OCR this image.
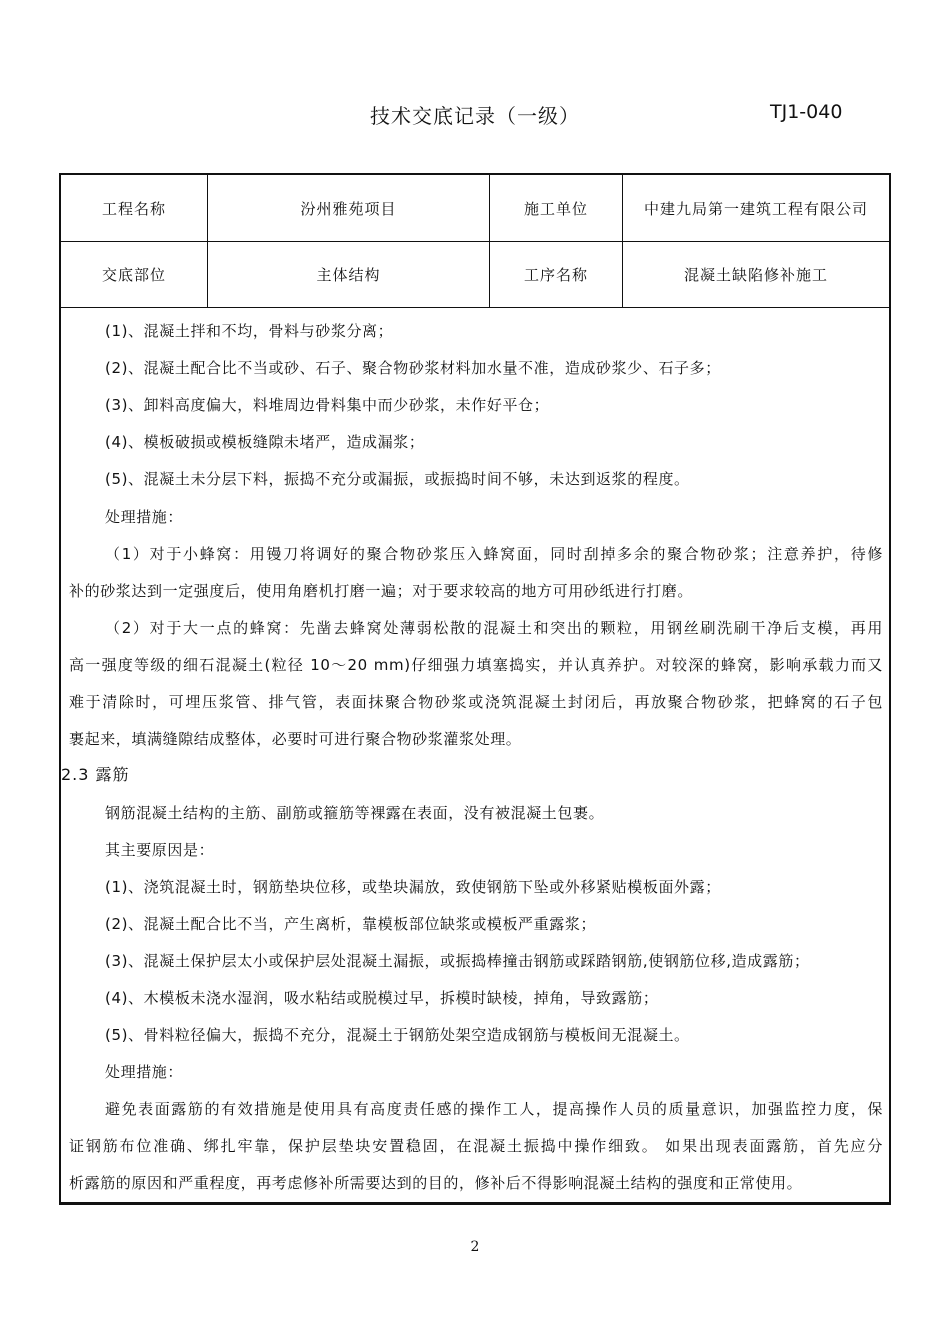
技术交底记录（一级）	TJ1-040
工程名称	汾州雅苑项目	施工单位	中建九局第一建筑工程有限公司
交底部位	主体结构	工序名称	混凝土缺陷修补施工
(1)、混凝土拌和不均，骨料与砂浆分离；
(2)、混凝土配合比不当或砂、石子、聚合物砂浆材料加水量不准，造成砂浆少、石子多；
(3)、卸料高度偏大，料堆周边骨料集中而少砂浆，未作好平仓；
(4)、模板破损或模板缝隙未堵严，造成漏浆；
(5)、混凝土未分层下料，振捣不充分或漏振，或振捣时间不够，未达到返浆的程度。
处理措施：
（1）对于小蜂窝：用镘刀将调好的聚合物砂浆压入蜂窝面，同时刮掉多余的聚合物砂浆；注意养护，待修
补的砂浆达到一定强度后，使用角磨机打磨一遍；对于要求较高的地方可用砂纸进行打磨。
（2）对于大一点的蜂窝：先凿去蜂窝处薄弱松散的混凝土和突出的颗粒，用钢丝刷洗刷干净后支模，再用
高一强度等级的细石混凝土(粒径 10～20 mm)仔细强力填塞捣实，并认真养护。对较深的蜂窝，影响承载力而又
难于清除时，可埋压浆管、排气管，表面抹聚合物砂浆或浇筑混凝土封闭后，再放聚合物砂浆，把蜂窝的石子包
裹起来，填满缝隙结成整体，必要时可进行聚合物砂浆灌浆处理。
2.3 露筋
钢筋混凝土结构的主筋、副筋或箍筋等裸露在表面，没有被混凝土包裹。
其主要原因是：
(1)、浇筑混凝土时，钢筋垫块位移，或垫块漏放，致使钢筋下坠或外移紧贴模板面外露；
(2)、混凝土配合比不当，产生离析，靠模板部位缺浆或模板严重露浆；
(3)、混凝土保护层太小或保护层处混凝土漏振，或振捣棒撞击钢筋或踩踏钢筋,使钢筋位移,造成露筋；
(4)、木模板未浇水湿润，吸水粘结或脱模过早，拆模时缺棱，掉角，导致露筋；
(5)、骨料粒径偏大，振捣不充分，混凝土于钢筋处架空造成钢筋与模板间无混凝土。
处理措施：
避免表面露筋的有效措施是使用具有高度责任感的操作工人，提高操作人员的质量意识，加强监控力度，保
证钢筋布位准确、绑扎牢靠，保护层垫块安置稳固，在混凝土振捣中操作细致。 如果出现表面露筋，首先应分
析露筋的原因和严重程度，再考虑修补所需要达到的目的，修补后不得影响混凝土结构的强度和正常使用。
2
